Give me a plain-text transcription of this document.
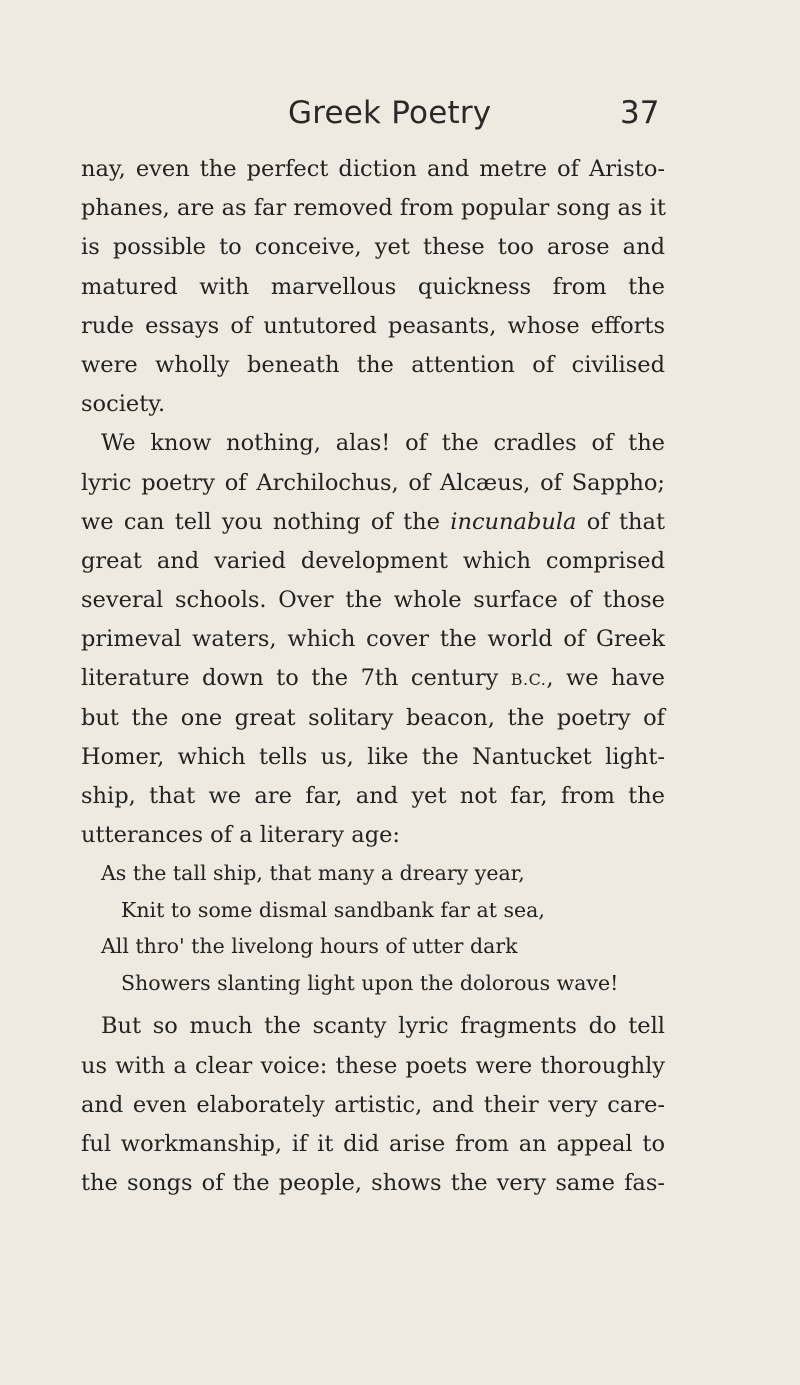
Greek Poetry	37
nay, even the perfect diction and metre of Aristo-
phanes, are as far removed from popular song as it
is possible to conceive, yet these too arose and
matured with marvellous quickness from the
rude essays of untutored peasants, whose efforts
were wholly beneath the attention of civilised
society.
We know nothing, alas! of the cradles of the
lyric poetry of Archilochus, of Alcæus, of Sappho;
we can tell you nothing of the incunabula of that
great and varied development which comprised
several schools. Over the whole surface of those
primeval waters, which cover the world of Greek
literature down to the 7th century B.C., we have
but the one great solitary beacon, the poetry of
Homer, which tells us, like the Nantucket light-
ship, that we are far, and yet not far, from the
utterances of a literary age:
As the tall ship, that many a dreary year,
Knit to some dismal sandbank far at sea,
All thro' the livelong hours of utter dark
Showers slanting light upon the dolorous wave!
But so much the scanty lyric fragments do tell
us with a clear voice: these poets were thoroughly
and even elaborately artistic, and their very care-
ful workmanship, if it did arise from an appeal to
the songs of the people, shows the very same fas-
